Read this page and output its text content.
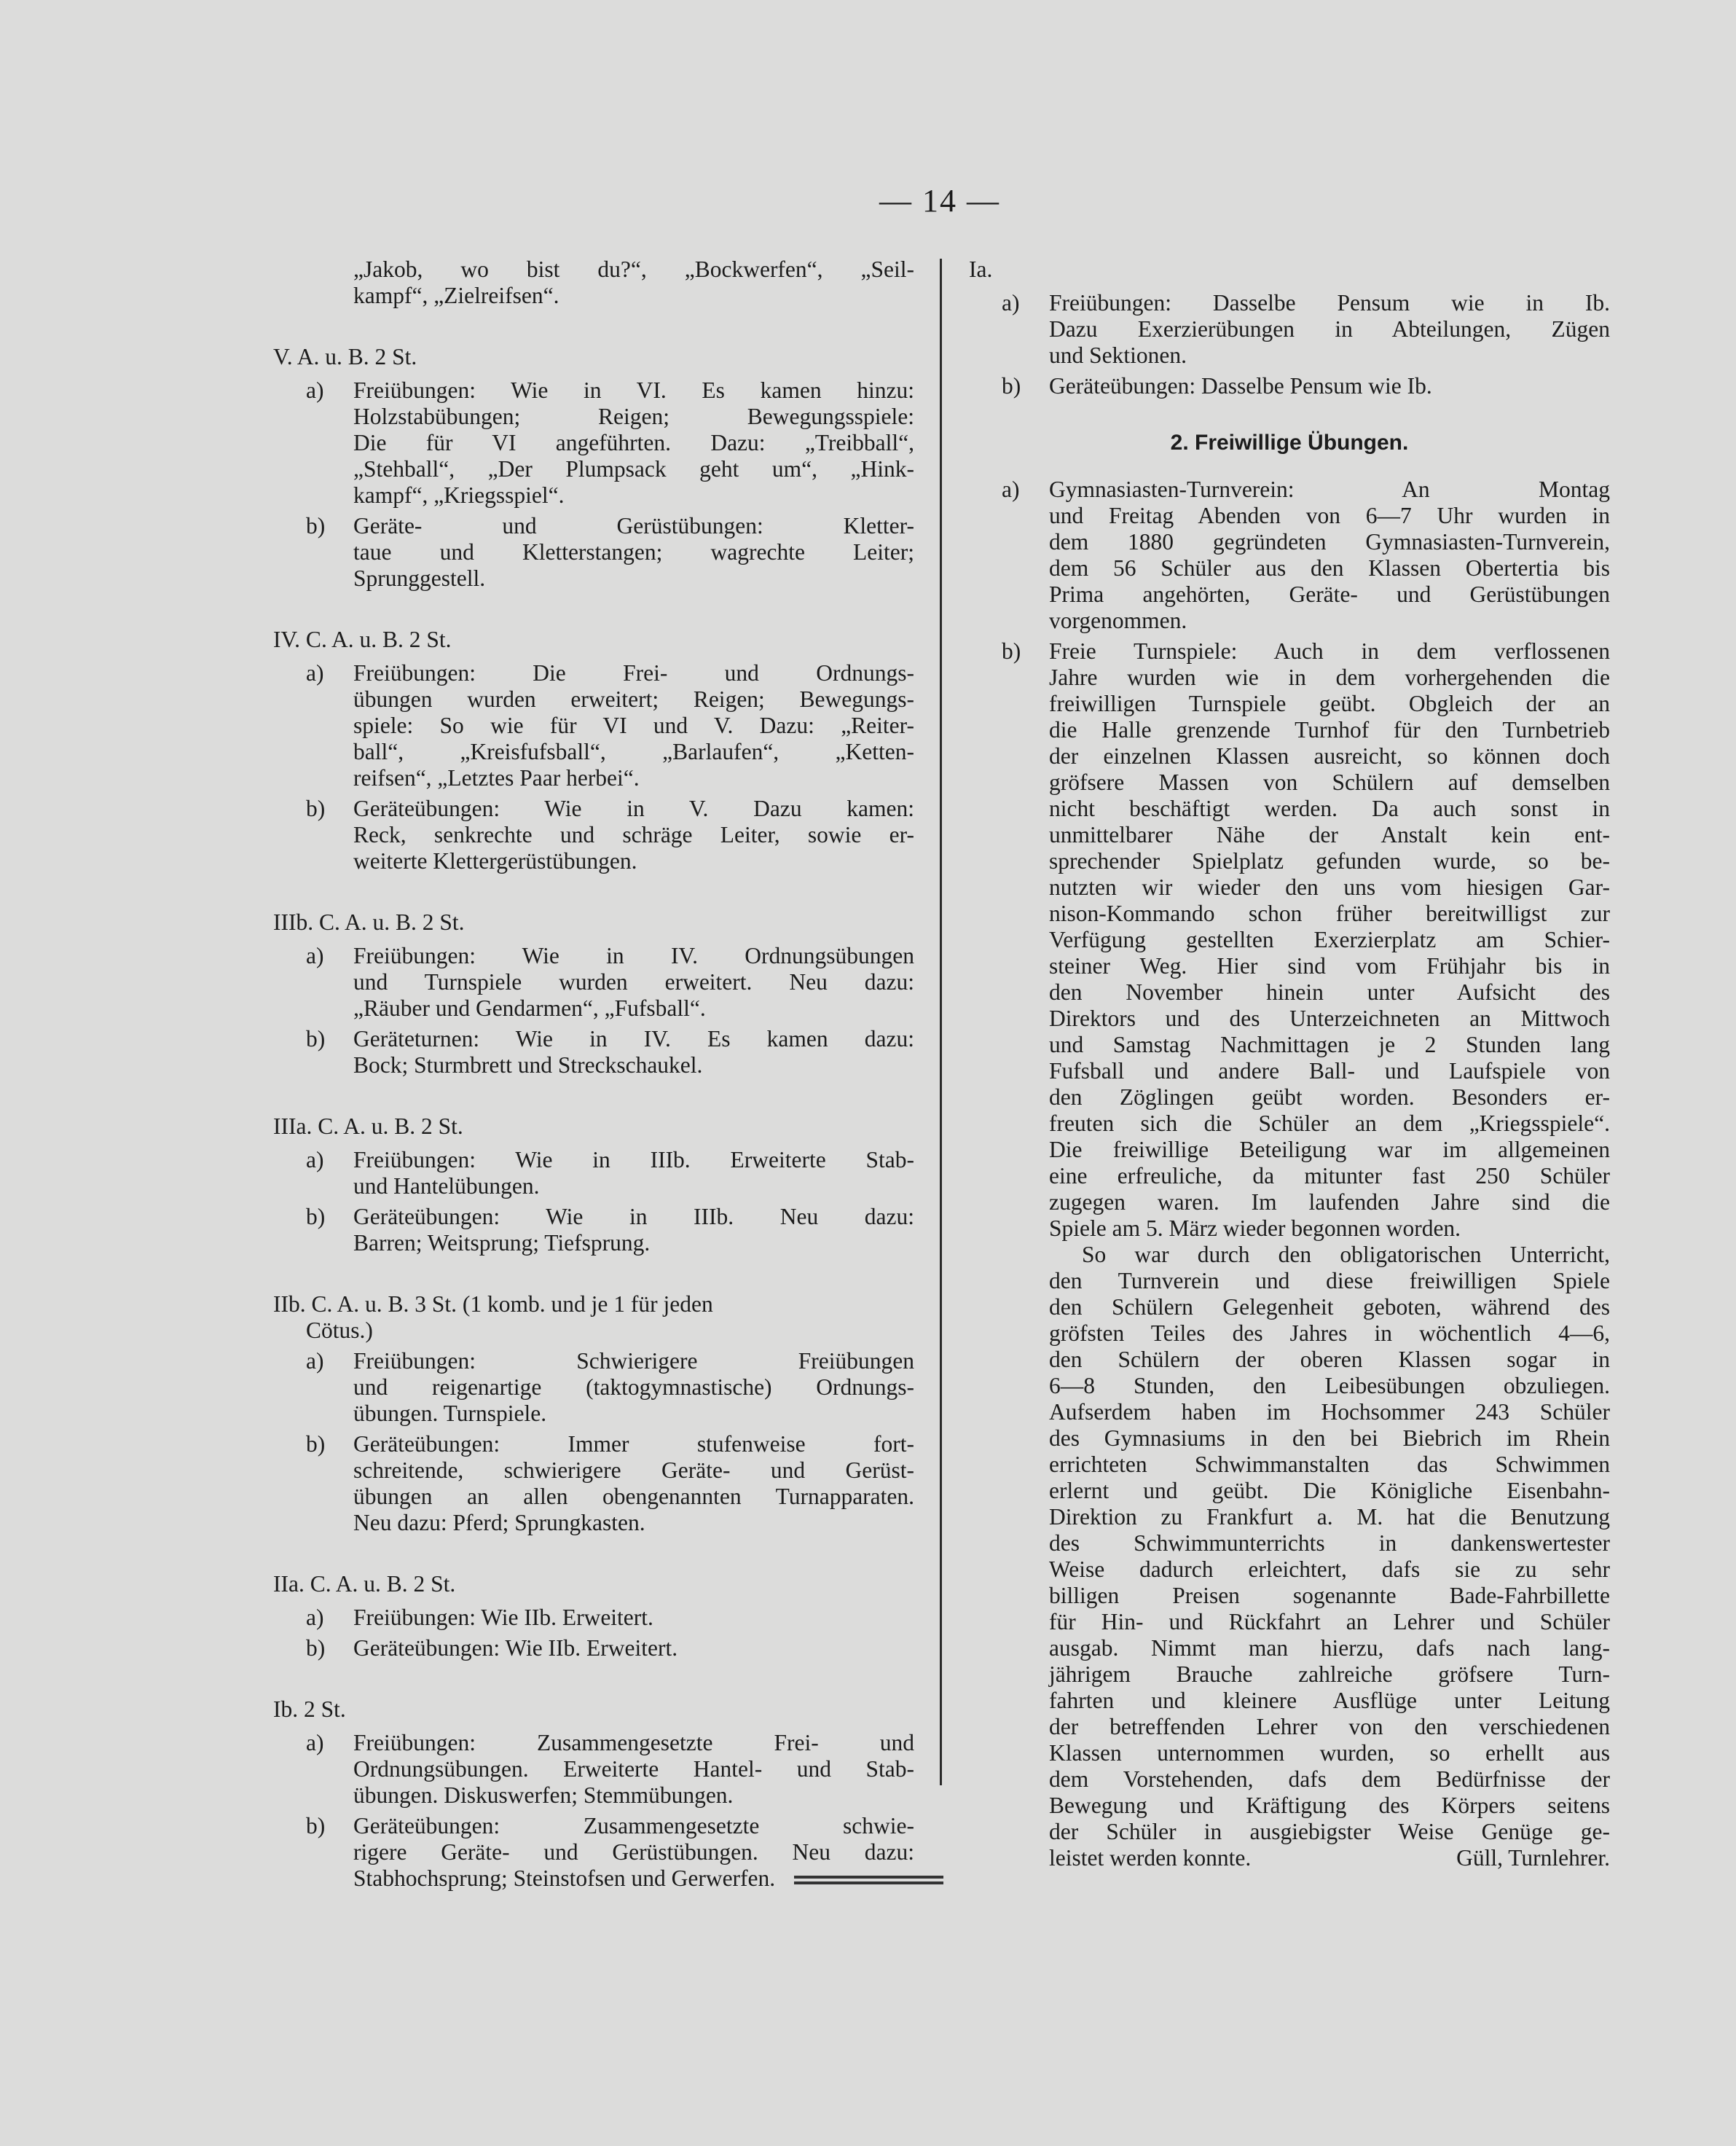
— 14 —
„Jakob, wo bist du?“, „Bockwerfen“, „Seil-
kampf“, „Zielreifsen“.
V. A. u. B. 2 St.
a) Freiübungen: Wie in VI. Es kamen hinzu:
Holzstabübungen; Reigen; Bewegungsspiele:
Die für VI angeführten. Dazu: „Treibball“,
„Stehball“, „Der Plumpsack geht um“, „Hink-
kampf“, „Kriegsspiel“.
b) Geräte- und Gerüstübungen: Kletter-
taue und Kletterstangen; wagrechte Leiter;
Sprunggestell.
IV. C. A. u. B. 2 St.
a) Freiübungen: Die Frei- und Ordnungs-
übungen wurden erweitert; Reigen; Bewegungs-
spiele: So wie für VI und V. Dazu: „Reiter-
ball“, „Kreisfufsball“, „Barlaufen“, „Ketten-
reifsen“, „Letztes Paar herbei“.
b) Geräteübungen: Wie in V. Dazu kamen:
Reck, senkrechte und schräge Leiter, sowie er-
weiterte Klettergerüstübungen.
IIIb. C. A. u. B. 2 St.
a) Freiübungen: Wie in IV. Ordnungsübungen
und Turnspiele wurden erweitert. Neu dazu:
„Räuber und Gendarmen“, „Fufsball“.
b) Geräteturnen: Wie in IV. Es kamen dazu:
Bock; Sturmbrett und Streckschaukel.
IIIa. C. A. u. B. 2 St.
a) Freiübungen: Wie in IIIb. Erweiterte Stab-
und Hantelübungen.
b) Geräteübungen: Wie in IIIb. Neu dazu:
Barren; Weitsprung; Tiefsprung.
IIb. C. A. u. B. 3 St. (1 komb. und je 1 für jeden
Cötus.)
a) Freiübungen: Schwierigere Freiübungen
und reigenartige (taktogymnastische) Ordnungs-
übungen. Turnspiele.
b) Geräteübungen: Immer stufenweise fort-
schreitende, schwierigere Geräte- und Gerüst-
übungen an allen obengenannten Turnapparaten.
Neu dazu: Pferd; Sprungkasten.
IIa. C. A. u. B. 2 St.
a) Freiübungen: Wie IIb. Erweitert.
b) Geräteübungen: Wie IIb. Erweitert.
Ib. 2 St.
a) Freiübungen: Zusammengesetzte Frei- und
Ordnungsübungen. Erweiterte Hantel- und Stab-
übungen. Diskuswerfen; Stemmübungen.
b) Geräteübungen: Zusammengesetzte schwie-
rigere Geräte- und Gerüstübungen. Neu dazu:
Stabhochsprung; Steinstofsen und Gerwerfen.
Ia.
a) Freiübungen: Dasselbe Pensum wie in Ib.
Dazu Exerzierübungen in Abteilungen, Zügen
und Sektionen.
b) Geräteübungen: Dasselbe Pensum wie Ib.
2. Freiwillige Übungen.
a) Gymnasiasten-Turnverein: An Montag
und Freitag Abenden von 6—7 Uhr wurden in
dem 1880 gegründeten Gymnasiasten-Turnverein,
dem 56 Schüler aus den Klassen Obertertia bis
Prima angehörten, Geräte- und Gerüstübungen
vorgenommen.
b) Freie Turnspiele: Auch in dem verflossenen
Jahre wurden wie in dem vorhergehenden die
freiwilligen Turnspiele geübt. Obgleich der an
die Halle grenzende Turnhof für den Turnbetrieb
der einzelnen Klassen ausreicht, so können doch
gröfsere Massen von Schülern auf demselben
nicht beschäftigt werden. Da auch sonst in
unmittelbarer Nähe der Anstalt kein ent-
sprechender Spielplatz gefunden wurde, so be-
nutzten wir wieder den uns vom hiesigen Gar-
nison-Kommando schon früher bereitwilligst zur
Verfügung gestellten Exerzierplatz am Schier-
steiner Weg. Hier sind vom Frühjahr bis in
den November hinein unter Aufsicht des
Direktors und des Unterzeichneten an Mittwoch
und Samstag Nachmittagen je 2 Stunden lang
Fufsball und andere Ball- und Laufspiele von
den Zöglingen geübt worden. Besonders er-
freuten sich die Schüler an dem „Kriegsspiele“.
Die freiwillige Beteiligung war im allgemeinen
eine erfreuliche, da mitunter fast 250 Schüler
zugegen waren. Im laufenden Jahre sind die
Spiele am 5. März wieder begonnen worden.
So war durch den obligatorischen Unterricht,
den Turnverein und diese freiwilligen Spiele
den Schülern Gelegenheit geboten, während des
gröfsten Teiles des Jahres in wöchentlich 4—6,
den Schülern der oberen Klassen sogar in
6—8 Stunden, den Leibesübungen obzuliegen.
Aufserdem haben im Hochsommer 243 Schüler
des Gymnasiums in den bei Biebrich im Rhein
errichteten Schwimmanstalten das Schwimmen
erlernt und geübt. Die Königliche Eisenbahn-
Direktion zu Frankfurt a. M. hat die Benutzung
des Schwimmunterrichts in dankenswertester
Weise dadurch erleichtert, dafs sie zu sehr
billigen Preisen sogenannte Bade-Fahrbillette
für Hin- und Rückfahrt an Lehrer und Schüler
ausgab. Nimmt man hierzu, dafs nach lang-
jährigem Brauche zahlreiche gröfsere Turn-
fahrten und kleinere Ausflüge unter Leitung
der betreffenden Lehrer von den verschiedenen
Klassen unternommen wurden, so erhellt aus
dem Vorstehenden, dafs dem Bedürfnisse der
Bewegung und Kräftigung des Körpers seitens
der Schüler in ausgiebigster Weise Genüge ge-
leistet werden konnte.	Güll, Turnlehrer.
